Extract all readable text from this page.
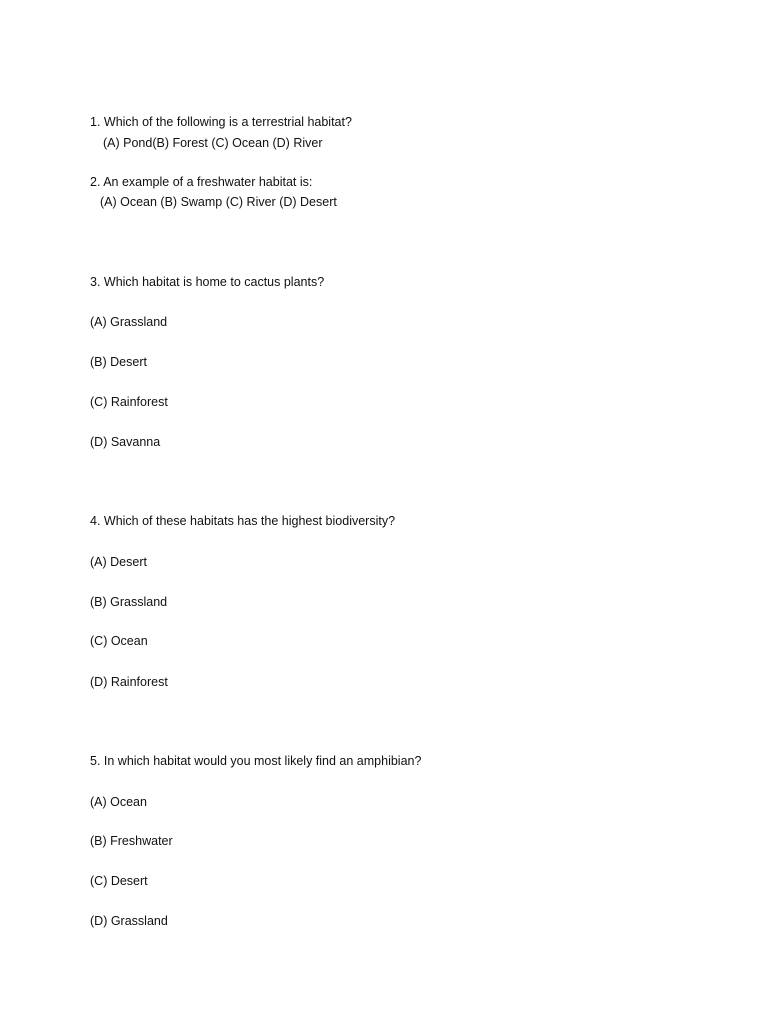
1. Which of the following is a terrestrial habitat?
(A) Pond(B) Forest (C) Ocean (D) River
2. An example of a freshwater habitat is:
(A) Ocean (B) Swamp (C) River (D) Desert
3. Which habitat is home to cactus plants?
(A) Grassland
(B) Desert
(C) Rainforest
(D) Savanna
4. Which of these habitats has the highest biodiversity?
(A) Desert
(B) Grassland
(C) Ocean
(D) Rainforest
5. In which habitat would you most likely find an amphibian?
(A) Ocean
(B) Freshwater
(C) Desert
(D) Grassland
